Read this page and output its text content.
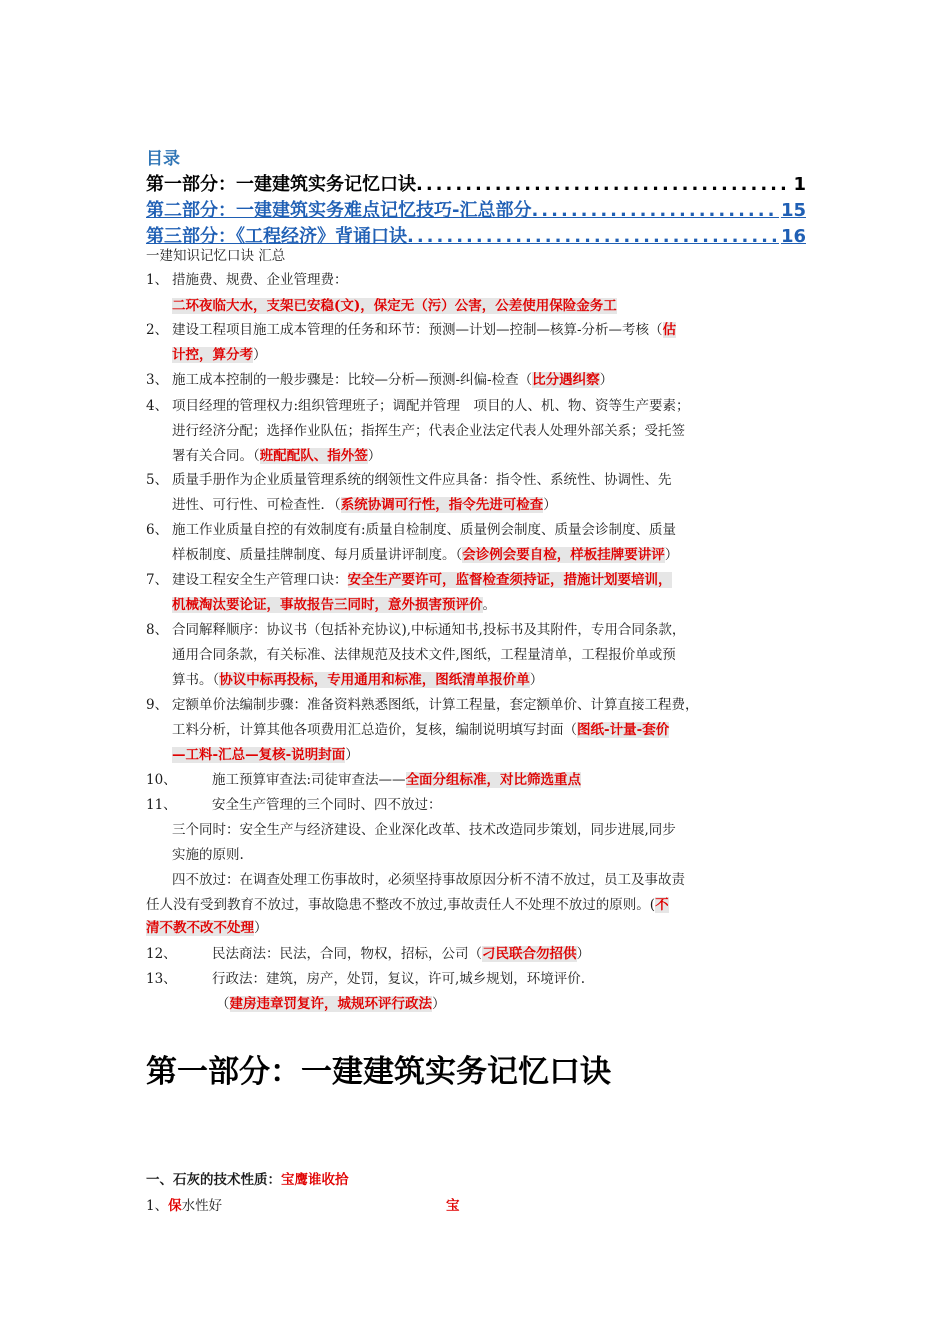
目录
第一部分：一建建筑实务记忆口诀 .....	1
第二部分：一建建筑实务难点记忆技巧-汇总部分 .....	15
第三部分：《工程经济》背诵口诀 .....	16
一建知识记忆口诀 汇总
1、 措施费、规费、企业管理费：
二环夜临大水，支架已安稳(文)，保定无（污）公害，公差使用保险金务工
2、 建设工程项目施工成本管理的任务和环节：预测—计划—控制—核算-分析—考核（估
计控，算分考）
3、 施工成本控制的一般步骤是：比较—分析—预测-纠偏-检查（比分遇纠察）
4、 项目经理的管理权力:组织管理班子；调配并管理　项目的人、机、物、资等生产要素；
进行经济分配；选择作业队伍；指挥生产；代表企业法定代表人处理外部关系；受托签
署有关合同。（班配配队、指外签）
5、 质量手册作为企业质量管理系统的纲领性文件应具备：指令性、系统性、协调性、先
进性、可行性、可检查性．（系统协调可行性，指令先进可检查）
6、 施工作业质量自控的有效制度有:质量自检制度、质量例会制度、质量会诊制度、质量
样板制度、质量挂牌制度、每月质量讲评制度。（会诊例会要自检，样板挂牌要讲评）
7、 建设工程安全生产管理口诀：安全生产要许可，监督检查须持证，措施计划要培训，
机械淘汰要论证，事故报告三同时，意外损害预评价。
8、 合同解释顺序：协议书（包括补充协议),中标通知书,投标书及其附件，专用合同条款，
通用合同条款，有关标准、法律规范及技术文件,图纸，工程量清单，工程报价单或预
算书。（协议中标再投标，专用通用和标准，图纸清单报价单）
9、 定额单价法编制步骤：准备资料熟悉图纸，计算工程量，套定额单价、计算直接工程费，
工料分析，计算其他各项费用汇总造价，复核，编制说明填写封面（图纸-计量-套价
—工料-汇总—复核-说明封面）
10、	施工预算审查法:司徒审查法——全面分组标准，对比筛选重点
11、	安全生产管理的三个同时、四不放过：
三个同时：安全生产与经济建设、企业深化改革、技术改造同步策划，同步进展,同步
实施的原则.
四不放过：在调查处理工伤事故时，必须坚持事故原因分析不清不放过，员工及事故责
任人没有受到教育不放过，事故隐患不整改不放过,事故责任人不处理不放过的原则。(不
清不教不改不处理）
12、	民法商法：民法，合同，物权，招标，公司（刁民联合勿招供）
13、	行政法：建筑，房产，处罚，复议，许可,城乡规划，环境评价.
（建房违章罚复许，城规环评行政法）
第一部分：一建建筑实务记忆口诀
一、石灰的技术性质：宝鹰谁收拾
1、保水性好	宝
